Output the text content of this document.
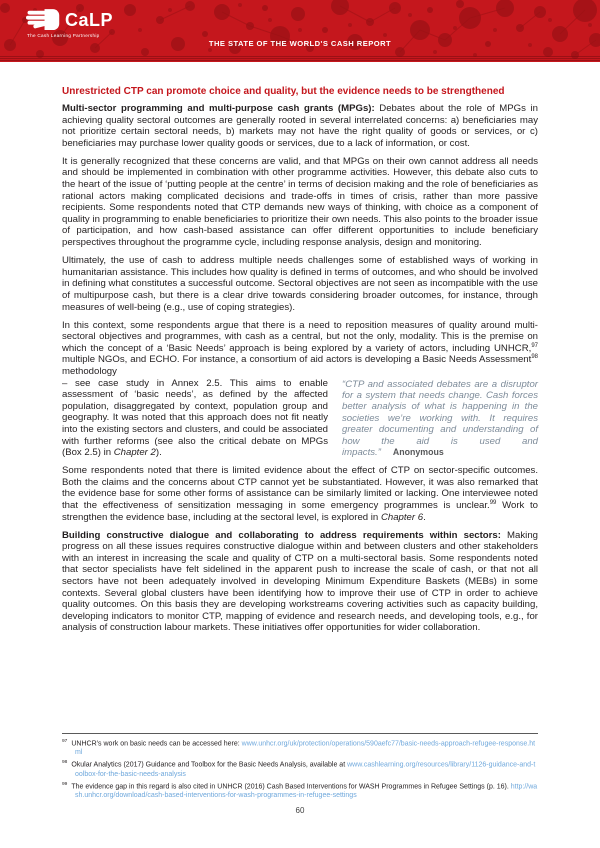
CaLP
The Cash Learning Partnership
THE STATE OF THE WORLD'S CASH REPORT
Unrestricted CTP can promote choice and quality, but the evidence needs to be strengthened

Multi-sector programming and multi-purpose cash grants (MPGs): Debates about the role of MPGs in achieving quality sectoral outcomes are generally rooted in several interrelated concerns: a) beneficiaries may not prioritize certain sectoral needs, b) markets may not have the right quality of goods or services, or c) beneficiaries may purchase lower quality goods or services, due to a lack of information, or cost.

It is generally recognized that these concerns are valid, and that MPGs on their own cannot address all needs and should be implemented in combination with other programme activities. However, this debate also cuts to the heart of the issue of ‘putting people at the centre’ in terms of decision making and the role of beneficiaries as rational actors making complicated decisions and trade-offs in times of crisis, rather than more passive recipients. Some respondents noted that CTP demands new ways of thinking, with choice as a component of quality in programming to enable beneficiaries to prioritize their own needs. This also points to the broader issue of participation, and how cash-based assistance can offer different opportunities to include beneficiary perspectives throughout the programme cycle, including response analysis, design and monitoring.

Ultimately, the use of cash to address multiple needs challenges some of established ways of working in humanitarian assistance. This includes how quality is defined in terms of outcomes, and who should be involved in defining what constitutes a successful outcome. Sectoral objectives are not seen as incompatible with the use of multipurpose cash, but there is a clear drive towards considering broader outcomes, for instance, through measures of well-being (e.g., use of coping strategies).

In this context, some respondents argue that there is a need to reposition measures of quality around multi-sectoral objectives and programmes, with cash as a central, but not the only, modality. This is the premise on which the concept of a ‘Basic Needs’ approach is being explored by a variety of actors, including UNHCR,$^{97}$ multiple NGOs, and ECHO. For instance, a consortium of aid actors is developing a Basic Needs Assessment$^{98}$ methodology

“CTP and associated debates are a disruptor for a system that needs change. Cash forces better analysis of what is happening in the societies we’re working with. It requires greater documenting and understanding of how the aid is used and impacts.” Anonymous
– see case study in Annex 2.5. This aims to enable assessment of ‘basic needs’, as defined by the affected population, disaggregated by context, population group and geography. It was noted that this approach does not fit neatly into the existing sectors and clusters, and could be associated with further reforms (see also the critical debate on MPGs (Box 2.5) in Chapter 2).

Some respondents noted that there is limited evidence about the effect of CTP on sector-specific outcomes. Both the claims and the concerns about CTP cannot yet be substantiated. However, it was also remarked that the evidence base for some other forms of assistance can be similarly limited or lacking. One interviewee noted that the effectiveness of sensitization messaging in some emergency programmes is unclear.$^{99}$ Work to strengthen the evidence base, including at the sectoral level, is explored in Chapter 6.

Building constructive dialogue and collaborating to address requirements within sectors: Making progress on all these issues requires constructive dialogue within and between clusters and other stakeholders with an interest in increasing the scale and quality of CTP on a multi-sectoral basis. Some respondents noted that sector specialists have felt sidelined in the apparent push to increase the scale of cash, or that not all sectors have not been adequately involved in developing Minimum Expenditure Baskets (MEBs) in some contexts. Several global clusters have been identifying how to improve their use of CTP in order to achieve quality outcomes. On this basis they are developing workstreams covering activities such as capacity building, developing indicators to monitor CTP, mapping of evidence and research needs, and developing tools, e.g., for analysis of construction labour markets. These initiatives offer opportunities for wider collaboration.

$^{97}$ UNHCR’s work on basic needs can be accessed here: www.unhcr.org/uk/protection/operations/590aefc77/basic-needs-approach-refugee-response.html
$^{98}$ Okular Analytics (2017) Guidance and Toolbox for the Basic Needs Analysis, available at www.cashlearning.org/resources/library/1126-guidance-and-toolbox-for-the-basic-needs-analysis
$^{99}$ The evidence gap in this regard is also cited in UNHCR (2016) Cash Based Interventions for WASH Programmes in Refugee Settings (p. 16). http://wash.unhcr.org/download/cash-based-interventions-for-wash-programmes-in-refugee-settings
60
